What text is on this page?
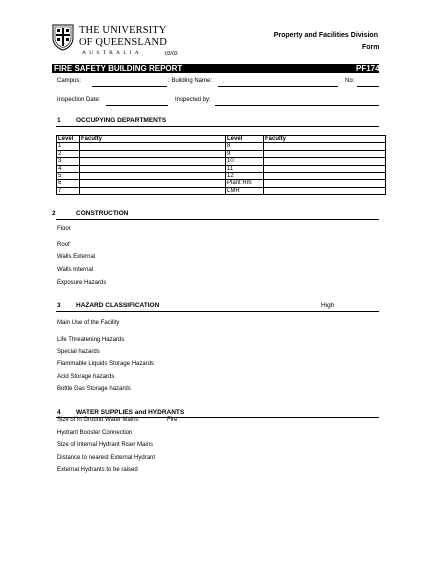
THE UNIVERSITY
OF QUEENSLAND
AUSTRALIA	03/03
Property and Facilities Division
Form
FIRE SAFETY BUILDING REPORT	PF174
Campus:	: Building Name:	No:
Inspection Date:	Inspected by:
1 OCCUPYING DEPARTMENTS
Level	Faculty	Level	Faculty
1		8	
2		9	
3		10	
4		11	
5		12	
6		Plant Rm	
7		LMR	
2	CONSTRUCTION
Floor
Roof
Walls External
Walls Internal
Exposure Hazards
3 HAZARD CLASSIFICATION	High
Main Use of the Facility
Life Threatening Hazards
Special hazards
Flammable Liquids Storage Hazards
Acid Storage hazards
Bottle Gas Storage hazards
4 WATER SUPPLIES and HYDRANTS
Size of in Ground Water Mains	Fire
Hydrant Booster Connection
Size of Internal Hydrant Riser Mains
Distance to nearest External Hydrant
External Hydrants to be raised
